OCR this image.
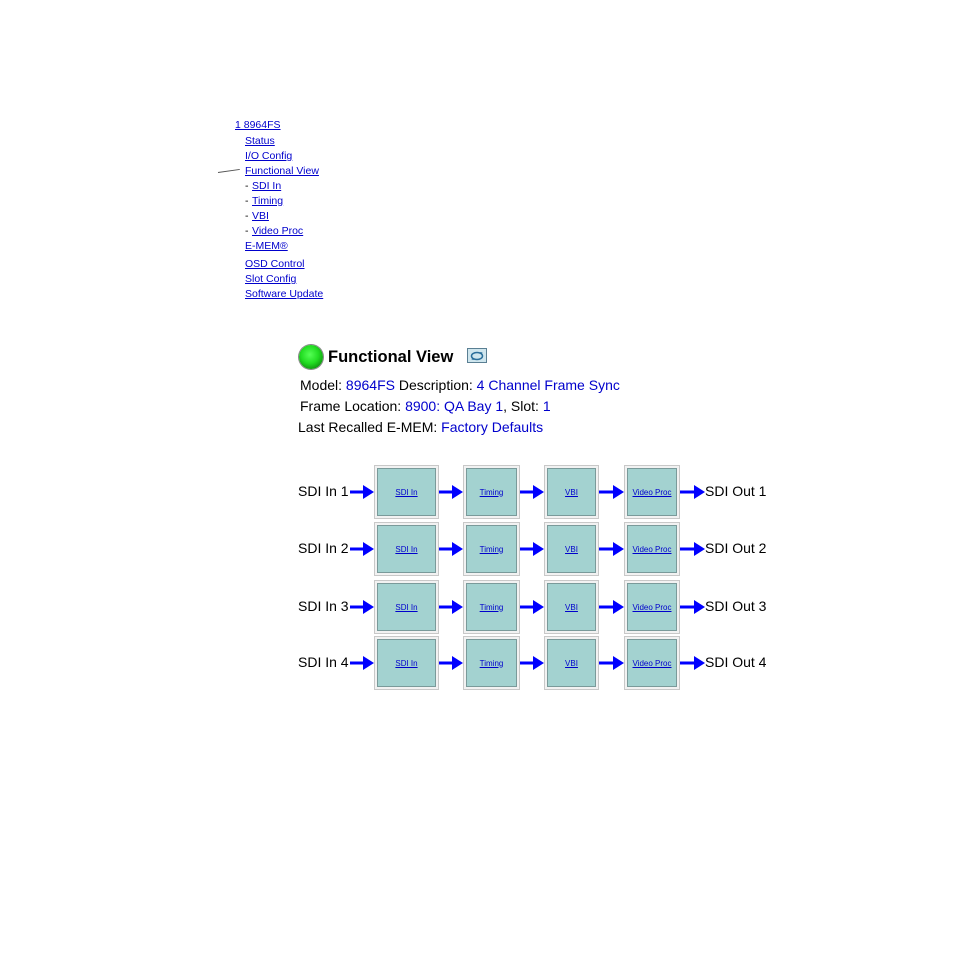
1 8964FS
Status
I/O Config
Functional View
- SDI In
- Timing
- VBI
- Video Proc
E-MEM®
OSD Control
Slot Config
Software Update
Functional View
Model: 8964FS Description: 4 Channel Frame Sync
Frame Location: 8900: QA Bay 1, Slot: 1
Last Recalled E-MEM: Factory Defaults
SDI In 1	SDI In	Timing	VBI	Video Proc SDI Out 1
SDI In 2	SDI In	Timing	VBI	Video Proc SDI Out 2
SDI In 3	SDI In	Timing	VBI	Video Proc SDI Out 3
SDI In 4	SDI In	Timing	VBI	Video Proc SDI Out 4
